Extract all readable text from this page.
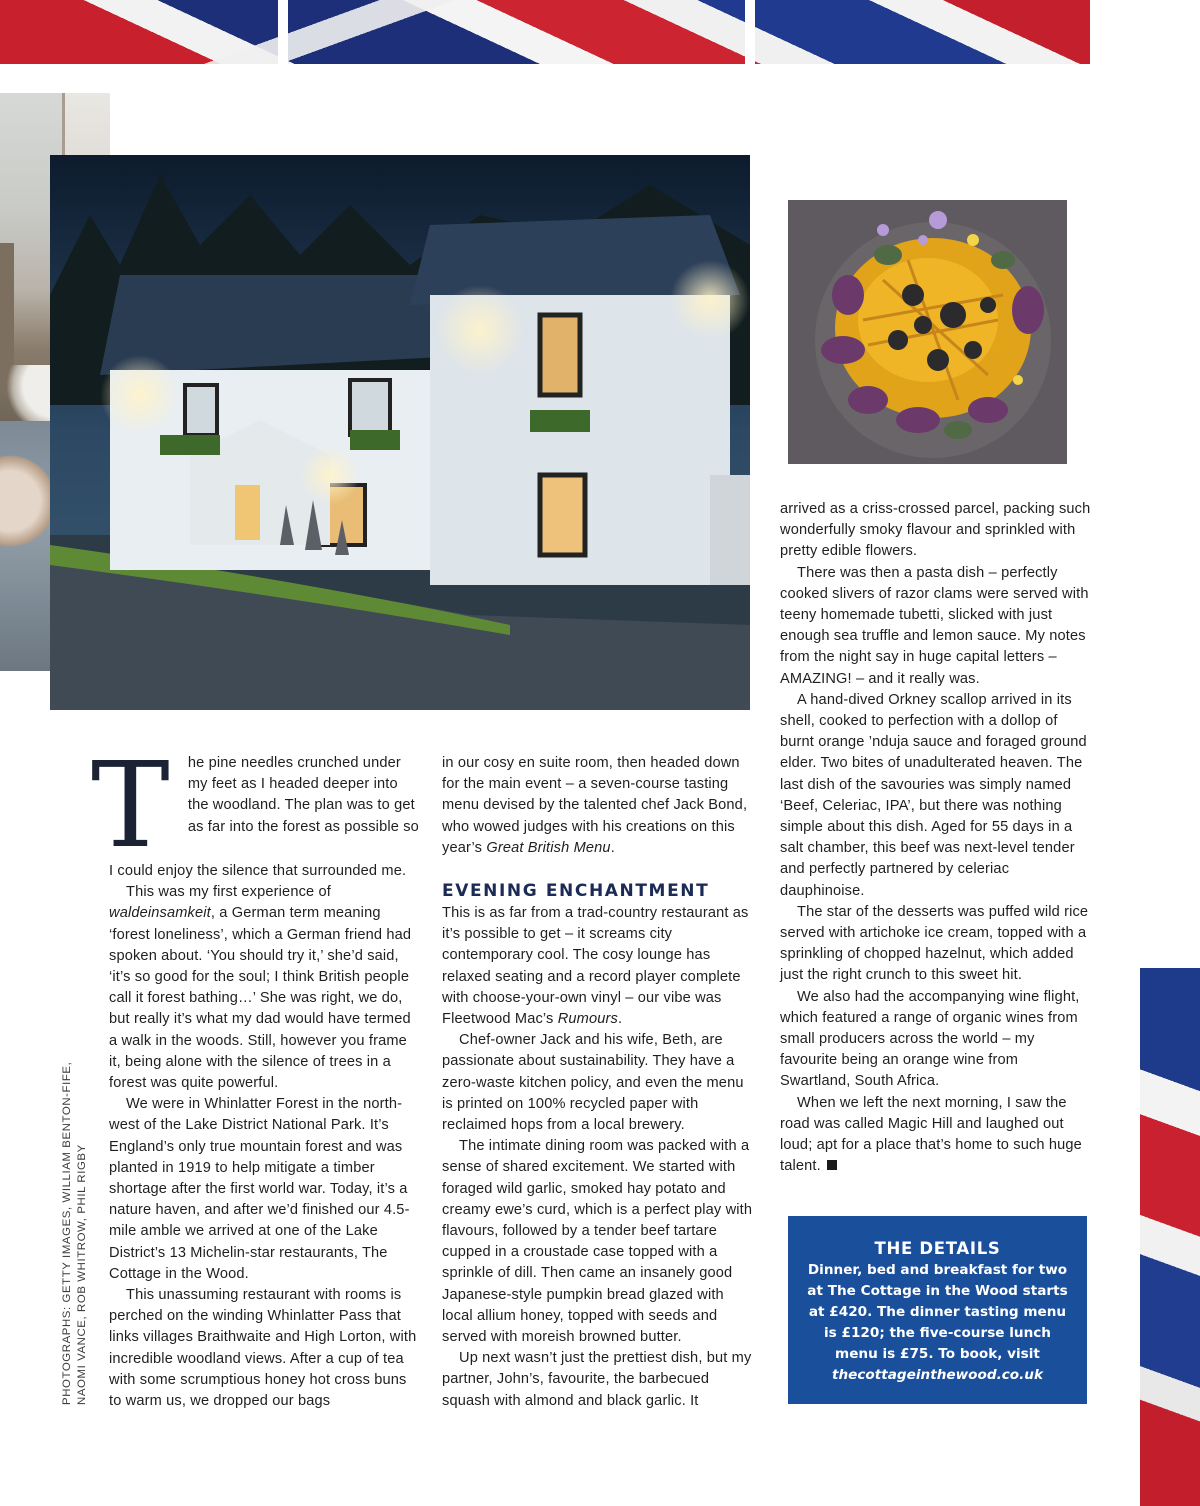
T	he pine needles crunched under my feet as I headed deeper into the woodland. The plan was to get as far into the forest as possible so

I could enjoy the silence that surrounded me.

This was my first experience of waldeinsamkeit, a German term meaning ‘forest loneliness’, which a German friend had spoken about. ‘You should try it,’ she’d said, ‘it’s so good for the soul; I think British people call it forest bathing…’ She was right, we do, but really it’s what my dad would have termed a walk in the woods. Still, however you frame it, being alone with the silence of trees in a forest was quite powerful.

We were in Whinlatter Forest in the north-west of the Lake District National Park. It’s England’s only true mountain forest and was planted in 1919 to help mitigate a timber shortage after the first world war. Today, it’s a nature haven, and after we’d finished our 4.5-mile amble we arrived at one of the Lake District’s 13 Michelin-star restaurants, The Cottage in the Wood.

This unassuming restaurant with rooms is perched on the winding Whinlatter Pass that links villages Braithwaite and High Lorton, with incredible woodland views. After a cup of tea with some scrumptious honey hot cross buns to warm us, we dropped our bags

in our cosy en suite room, then headed down for the main event – a seven-course tasting menu devised by the talented chef Jack Bond, who wowed judges with his creations on this year’s Great British Menu.

EVENING ENCHANTMENT

This is as far from a trad-country restaurant as it’s possible to get – it screams city contemporary cool. The cosy lounge has relaxed seating and a record player complete with choose-your-own vinyl – our vibe was Fleetwood Mac’s Rumours.

Chef-owner Jack and his wife, Beth, are passionate about sustainability. They have a zero-waste kitchen policy, and even the menu is printed on 100% recycled paper with reclaimed hops from a local brewery.

The intimate dining room was packed with a sense of shared excitement. We started with foraged wild garlic, smoked hay potato and creamy ewe’s curd, which is a perfect play with flavours, followed by a tender beef tartare cupped in a croustade case topped with a sprinkle of dill. Then came an insanely good Japanese-style pumpkin bread glazed with local allium honey, topped with seeds and served with moreish browned butter.

Up next wasn’t just the prettiest dish, but my partner, John’s, favourite, the barbecued squash with almond and black garlic. It

arrived as a criss-crossed parcel, packing such wonderfully smoky flavour and sprinkled with pretty edible flowers.

There was then a pasta dish – perfectly cooked slivers of razor clams were served with teeny homemade tubetti, slicked with just enough sea truffle and lemon sauce. My notes from the night say in huge capital letters – AMAZING! – and it really was.

A hand-dived Orkney scallop arrived in its shell, cooked to perfection with a dollop of burnt orange ’nduja sauce and foraged ground elder. Two bites of unadulterated heaven. The last dish of the savouries was simply named ‘Beef, Celeriac, IPA’, but there was nothing simple about this dish. Aged for 55 days in a salt chamber, this beef was next-level tender and perfectly partnered by celeriac dauphinoise.

The star of the desserts was puffed wild rice served with artichoke ice cream, topped with a sprinkling of chopped hazelnut, which added just the right crunch to this sweet hit.

We also had the accompanying wine flight, which featured a range of organic wines from small producers across the world – my favourite being an orange wine from Swartland, South Africa.

When we left the next morning, I saw the road was called Magic Hill and laughed out loud; apt for a place that’s home to such huge talent.

PHOTOGRAPHS: GETTY IMAGES, WILLIAM BENTON-FIFE, NAOMI VANCE, ROB WHITROW, PHIL RIGBY	THE DETAILS
Dinner, bed and breakfast for two at The Cottage in the Wood starts at £420. The dinner tasting menu is £120; the five-course lunch menu is £75. To book, visit thecottageinthewood.co.uk
